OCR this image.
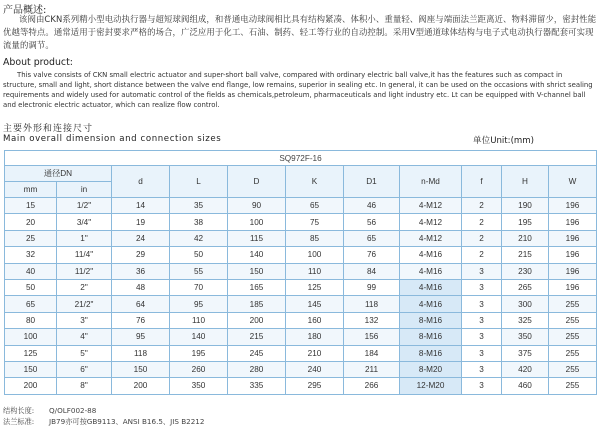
产品概述:
该阀由CKN系列精小型电动执行器与超短球阀组成，和普通电动球阀相比具有结构紧凑、体积小、重量轻、阀座与端面法兰距离近、物料滞留少，密封性能优越等特点。通常适用于密封要求严格的场合，广泛应用于化工、石油、制药、轻工等行业的自动控制。采用V型通道球体结构与电子式电动执行器配套可实现流量的调节。
About product:
This valve consists of CKN small electric actuator and super-short ball valve, compared with ordinary electric ball valve,it has the features such as compact in structure, small and light, short distance between the valve end flange, low remains, superior in sealing etc. In general, it can be used on the occasions with shrict sealing requirements and widely used for automatic control of the fields as chemicals,petroleum, pharmaceuticals and light industry etc. Lt can be equipped with V-channel ball and electronic electric actuator, which can realize flow control.
主要外形和连接尺寸
Main overall dimension and connection sizes	单位Unit:(mm)
SQ972F-16										
通径DN		d	L	D	K	D1	n-Md	f	H	W
mm	in									
15	1/2"	14	35	90	65	46	4-M12	2	190	196
20	3/4"	19	38	100	75	56	4-M12	2	195	196
25	1"	24	42	115	85	65	4-M12	2	210	196
32	11/4"	29	50	140	100	76	4-M16	2	215	196
40	11/2"	36	55	150	110	84	4-M16	3	230	196
50	2"	48	70	165	125	99	4-M16	3	265	196
65	21/2"	64	95	185	145	118	4-M16	3	300	255
80	3"	76	110	200	160	132	8-M16	3	325	255
100	4"	95	140	215	180	156	8-M16	3	350	255
125	5"	118	195	245	210	184	8-M16	3	375	255
150	6"	150	260	280	240	211	8-M20	3	420	255
200	8"	200	350	335	295	266	12-M20	3	460	255
结构长度: Q/OLF002-88
法兰标准: JB79亦可按GB9113、ANSI B16.5、JIS B2212
